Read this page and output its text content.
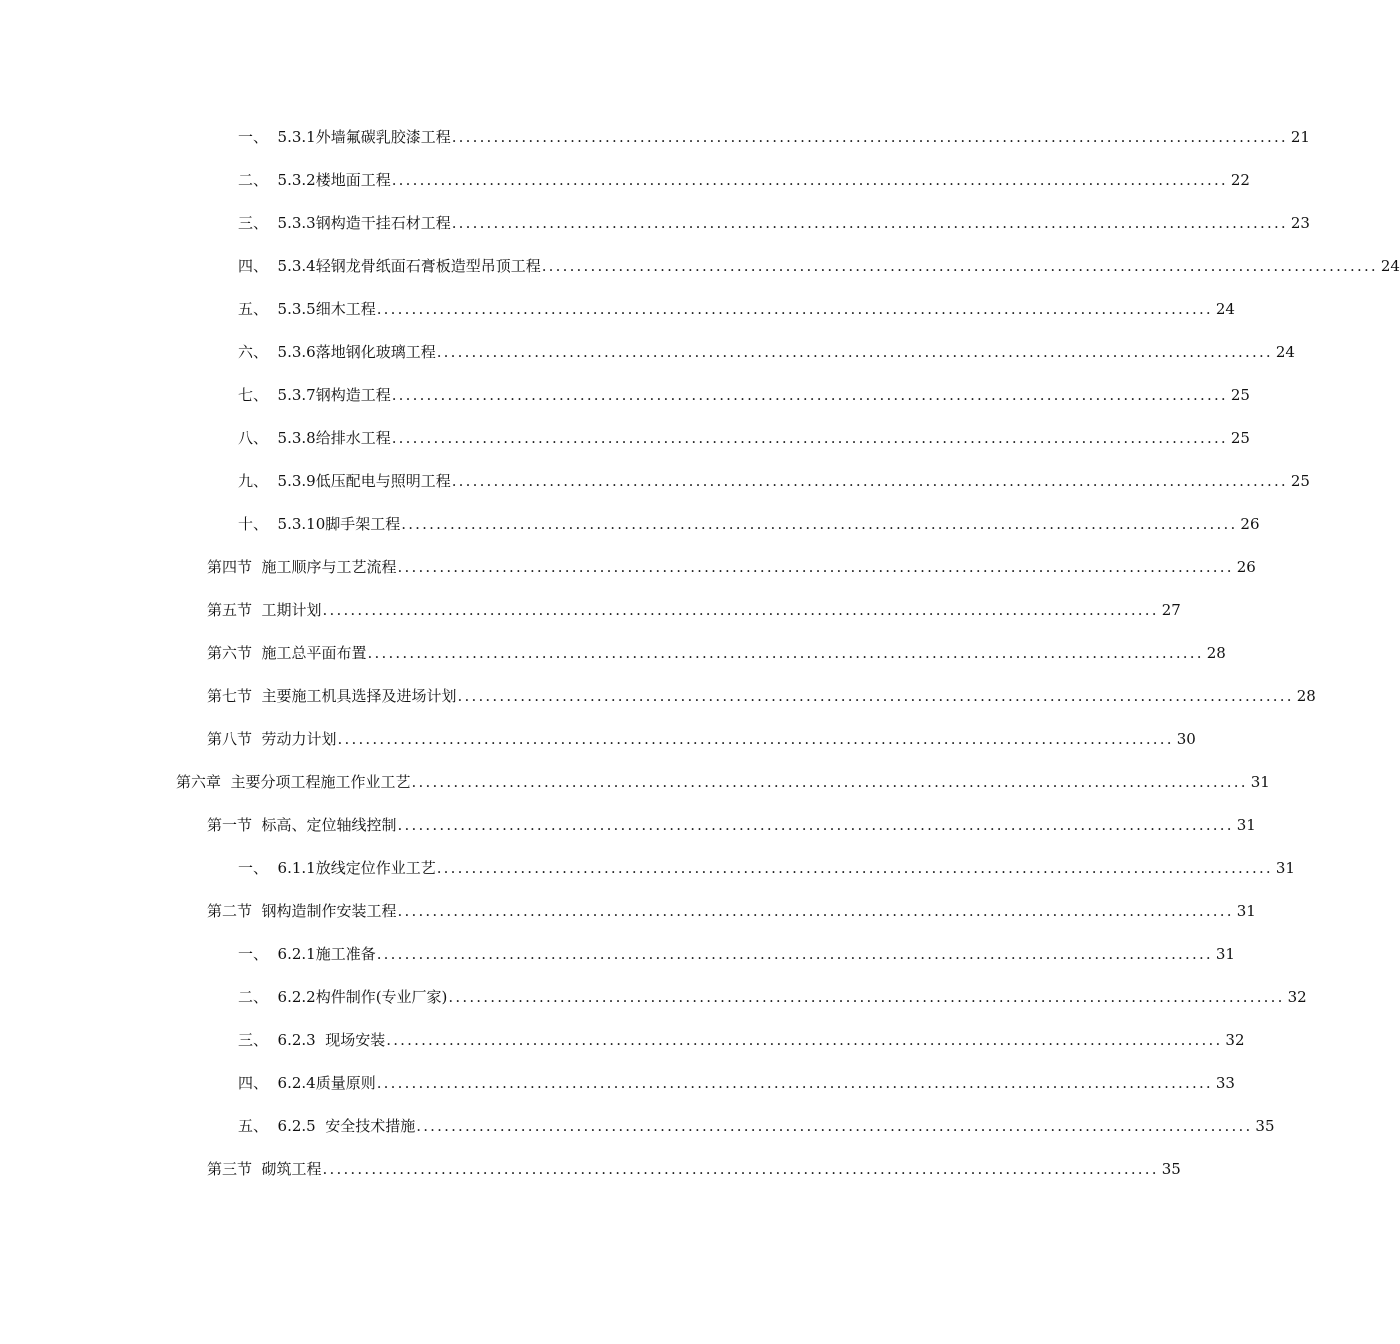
一、  5.3.1外墙氟碳乳胶漆工程 ........................................................................................................................ 21
二、  5.3.2楼地面工程 ........................................................................................................................ 22
三、  5.3.3钢构造干挂石材工程 ........................................................................................................................ 23
四、  5.3.4轻钢龙骨纸面石膏板造型吊顶工程 ........................................................................................................................ 24
五、  5.3.5细木工程 ........................................................................................................................ 24
六、  5.3.6落地钢化玻璃工程 ........................................................................................................................ 24
七、  5.3.7钢构造工程 ........................................................................................................................ 25
八、  5.3.8给排水工程 ........................................................................................................................ 25
九、  5.3.9低压配电与照明工程 ........................................................................................................................ 25
十、  5.3.10脚手架工程 ........................................................................................................................ 26
第四节  施工顺序与工艺流程 ........................................................................................................................ 26
第五节  工期计划 ........................................................................................................................ 27
第六节  施工总平面布置 ........................................................................................................................ 28
第七节  主要施工机具选择及进场计划 ........................................................................................................................ 28
第八节  劳动力计划 ........................................................................................................................ 30
第六章  主要分项工程施工作业工艺 ........................................................................................................................ 31
第一节  标高、定位轴线控制 ........................................................................................................................ 31
一、  6.1.1放线定位作业工艺 ........................................................................................................................ 31
第二节  钢构造制作安装工程 ........................................................................................................................ 31
一、  6.2.1施工准备 ........................................................................................................................ 31
二、  6.2.2构件制作(专业厂家) ........................................................................................................................ 32
三、  6.2.3  现场安装 ........................................................................................................................ 32
四、  6.2.4质量原则 ........................................................................................................................ 33
五、  6.2.5  安全技术措施 ........................................................................................................................ 35
第三节  砌筑工程 ........................................................................................................................ 35
